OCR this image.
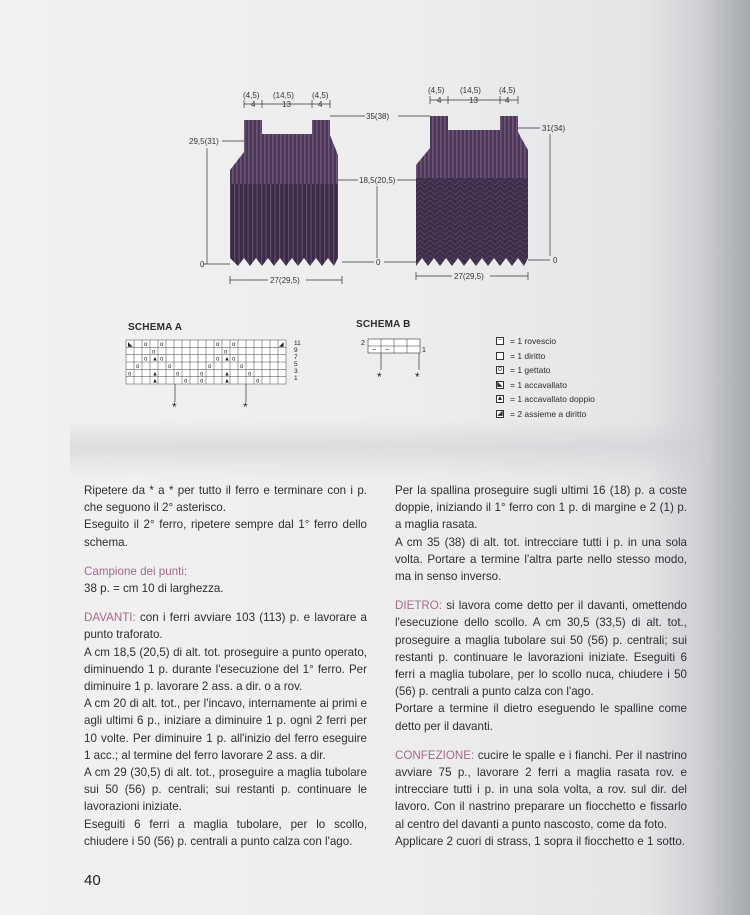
(4,5) (14,5) (4,5)
4	13	4
(4,5) (14,5) (4,5)
4	13	4
29,5(31)
35(38)
31(34)
18,5(20,5)
0	0	0
27(29,5)	27(29,5)
SCHEMA A
o o	o o
o	o
o ▲ o	o ▲ o
o	o	o	o
o	▲	o	o	▲	o
▲	o o	▲	o
◣	◢ 11
9
7
5
3
1
*	*
SCHEMA B
− −
2
1
*	*
− = 1 rovescio
= 1 diritto
o = 1 gettato
◣ = 1 accavallato
▲ = 1 accavallato doppio
◢ = 2 assieme a diritto

Ripetere da * a * per tutto il ferro e terminare con i p. che seguono il 2° asterisco.

Eseguito il 2° ferro, ripetere sempre dal 1° ferro dello schema.

Campione dei punti:

38 p. = cm 10 di larghezza.

DAVANTI: con i ferri avviare 103 (113) p. e lavorare a punto traforato.

A cm 18,5 (20,5) di alt. tot. proseguire a punto operato, diminuendo 1 p. durante l'esecuzione del 1° ferro. Per diminuire 1 p. lavorare 2 ass. a dir. o a rov.

A cm 20 di alt. tot., per l'incavo, internamente ai primi e agli ultimi 6 p., iniziare a diminuire 1 p. ogni 2 ferri per 10 volte. Per diminuire 1 p. all'inizio del ferro eseguire 1 acc.; al termine del ferro lavorare 2 ass. a dir.

A cm 29 (30,5) di alt. tot., proseguire a maglia tubolare sui 50 (56) p. centrali; sui restanti p. continuare le lavorazioni iniziate.

Eseguiti 6 ferri a maglia tubolare, per lo scollo, chiudere i 50 (56) p. centrali a punto calza con l'ago.

Per la spallina proseguire sugli ultimi 16 (18) p. a coste doppie, iniziando il 1° ferro con 1 p. di margine e 2 (1) p. a maglia rasata.

A cm 35 (38) di alt. tot. intrecciare tutti i p. in una sola volta. Portare a termine l'altra parte nello stesso modo, ma in senso inverso.

DIETRO: si lavora come detto per il davanti, omettendo l'esecuzione dello scollo. A cm 30,5 (33,5) di alt. tot., proseguire a maglia tubolare sui 50 (56) p. centrali; sui restanti p. continuare le lavorazioni iniziate. Eseguiti 6 ferri a maglia tubolare, per lo scollo nuca, chiudere i 50 (56) p. centrali a punto calza con l'ago.

Portare a termine il dietro eseguendo le spalline come detto per il davanti.

CONFEZIONE: cucire le spalle e i fianchi. Per il nastrino avviare 75 p., lavorare 2 ferri a maglia rasata rov. e intrecciare tutti i p. in una sola volta, a rov. sul dir. del lavoro. Con il nastrino preparare un fiocchetto e fissarlo al centro del davanti a punto nascosto, come da foto.

Applicare 2 cuori di strass, 1 sopra il fiocchetto e 1 sotto.

40
